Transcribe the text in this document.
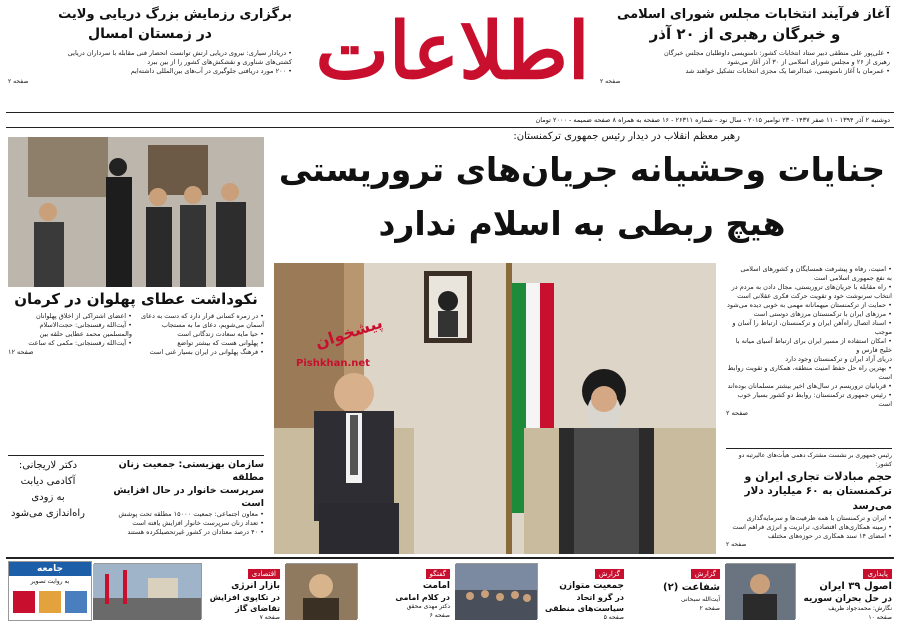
اطلاعات	آغاز فرآیند انتخابات مجلس شورای اسلامی
و خبرگان رهبری از ۲۰ آذر
• علی‌پور علی منطقی دبیر ستاد انتخابات کشور: نامنویسی داوطلبان مجلس خبرگان
رهبری از ۲۶ و مجلس شورای اسلامی از ۳۰ آذر آغاز می‌شود
• عمرمان با آغاز نامنویسی، عبدالرضا یک مجزی انتخابات تشکیل خواهند شد
صفحه ۲
برگزاری رزمایش بزرگ دریایی ولایت
در زمستان امسال
• دریادار سیاری: نیروی دریایی ارتش توانست انحصار فنی مقابله با سرداران دریایی
کشتی‌های شناوری و نقشکش‌های کشور را از بین ببرد
• ۲۰۰ مورد دریافتی جلوگیری در آب‌های بین‌المللی داشته‌ایم
صفحه ۲
دوشنبه ۲ آذر ۱۳۹۴ - ۱۱ صفر ۱۴۳۷ - ۲۳ نوامبر ۲۰۱۵ - سال نود - شماره ۲۶۳۱۱ - ۱۶ صفحه به همراه ۸ صفحه ضمیمه - ۲۰۰۰ تومان
رهبر معظم انقلاب در دیدار رئیس جمهوری ترکمنستان:
جنایات وحشیانه جریان‌های تروریستی
هیچ ربطی به اسلام ندارد
پیشخوان
Pishkhan.net
• امنیت، رفاه و پیشرفت همسایگان و کشورهای اسلامی
به نفع جمهوری اسلامی است
• راه مقابله با جریان‌های تروریستی، مجال دادن به مردم در
انتخاب سرنوشت خود و تقویت حرکت فکری عقلانی است
• حمایت از ترکمنستان میهمانانه مهمی به خوبی دیده می‌شود
• مرزهای ایران با ترکمنستان مرزهای دوستی است
• اسناد اتصال راه‌آهن ایران و ترکمنستان، ارتباط را آسان و موجب
• امکان استفاده از مسیر ایران برای ارتباط آسیای میانه با خلیج فارس و
دریای آزاد ایران و ترکمنستان وجود دارد
• بهترین راه حل حفظ امنیت منطقه، همکاری و تقویت روابط است
• قربانیان تروریسم در سال‌های اخیر بیشتر مسلمانان بوده‌اند
• رئیس جمهوری ترکمنستان: روابط دو کشور بسیار خوب است
صفحه ۲
رئیس جمهوری بر نشست مشترک دهمی هیأت‌های عالیرتبه دو کشور:
حجم مبادلات تجاری ایران و
ترکمنستان به ۶۰ میلیارد دلار می‌رسد
• ایران و ترکمنستان با همه ظرفیت‌ها و سرمایه‌گذاری
• زمینه همکاری‌های اقتصادی، ترانزیت و انرژی فراهم است
• امضای ۱۴ سند همکاری در حوزه‌های مختلف
صفحه ۲
نکوداشت عطای پهلوان در کرمان
• در زمره کسانی قرار دارد که دست به دعای
آسمان می‌شویم، دعای ما به مستجاب
• حیا مایه سعادت زندگانی است
• پهلوانی هست که بیشتر تواضع
• فرهنگ پهلوانی در ایران بسیار غنی است
• اعضای اشتراکی از اخلاق پهلوانان
• آیت‌الله رفسنجانی: حجت‌الاسلام
والمسلمین محمد عطایی حلقه بین
• آیت‌الله رفسنجانی: مکمی که ساعت
صفحه ۱۲
سازمان بهزیستی: جمعیت زنان مطلقه
سرپرست خانوار در حال افزایش است
• معاون اجتماعی: جمعیت ۱۵۰۰۰ مطلقه تحت پوشش
• تعداد زنان سرپرست خانوار افزایش یافته است
• ۴۰ درصد معتادان در کشور غیرتحصیلکرده هستند
دکتر لاریجانی:
آکادمی دیابت
به زودی
راه‌اندازی می‌شود
پایداری
اصول ۳۹ ایران
در حل بحران سوریه
نگارش: محمدجواد ظریف
صفحه ۱۰
گزارش
شفاعت (۲)
آیت‌الله سبحانی
صفحه ۲
گزارش
جمعیت متوازن
در گرو اتحاد سیاست‌های منطقی
صفحه ۵
گفتگو
امامت
در کلام امامی
دکتر مهدی محقق
صفحه ۶
اقتصادی
بازار انرژی
در تکاپوی افزایش تقاضای گاز
صفحه ۷
جامعه
به روایت تصویر
